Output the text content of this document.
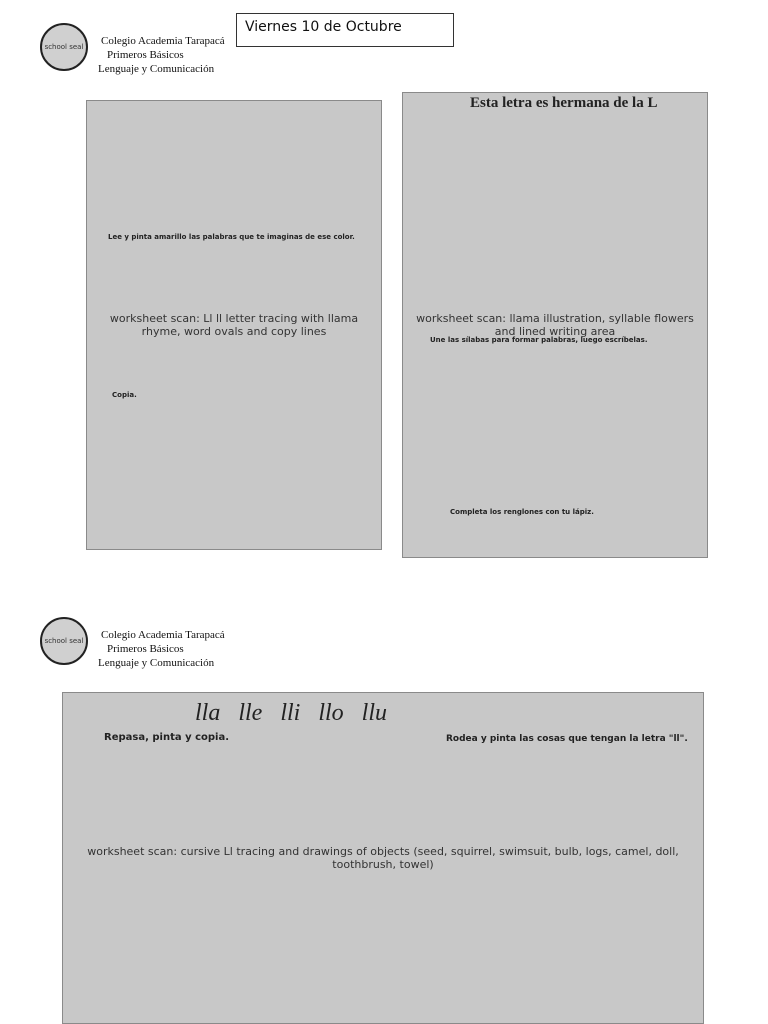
school seal Colegio Academia Tarapacá
Primeros Básicos
Lenguaje y Comunicación
Viernes 10 de Octubre
worksheet scan: Ll ll letter tracing with llama rhyme, word ovals and copy lines
Lee y pinta amarillo las palabras que te imaginas de ese color.
Copia.
worksheet scan: llama illustration, syllable flowers and lined writing area
Esta letra es hermana de la L
Une las sílabas para formar palabras, luego escríbelas.
Completa los renglones con tu lápiz.
school seal Colegio Academia Tarapacá
Primeros Básicos
Lenguaje y Comunicación
worksheet scan: cursive Ll tracing and drawings of objects (seed, squirrel, swimsuit, bulb, logs, camel, doll, toothbrush, towel)
lla   lle   lli   llo   llu
Repasa, pinta y copia.	Rodea y pinta las cosas que tengan la letra "ll".
